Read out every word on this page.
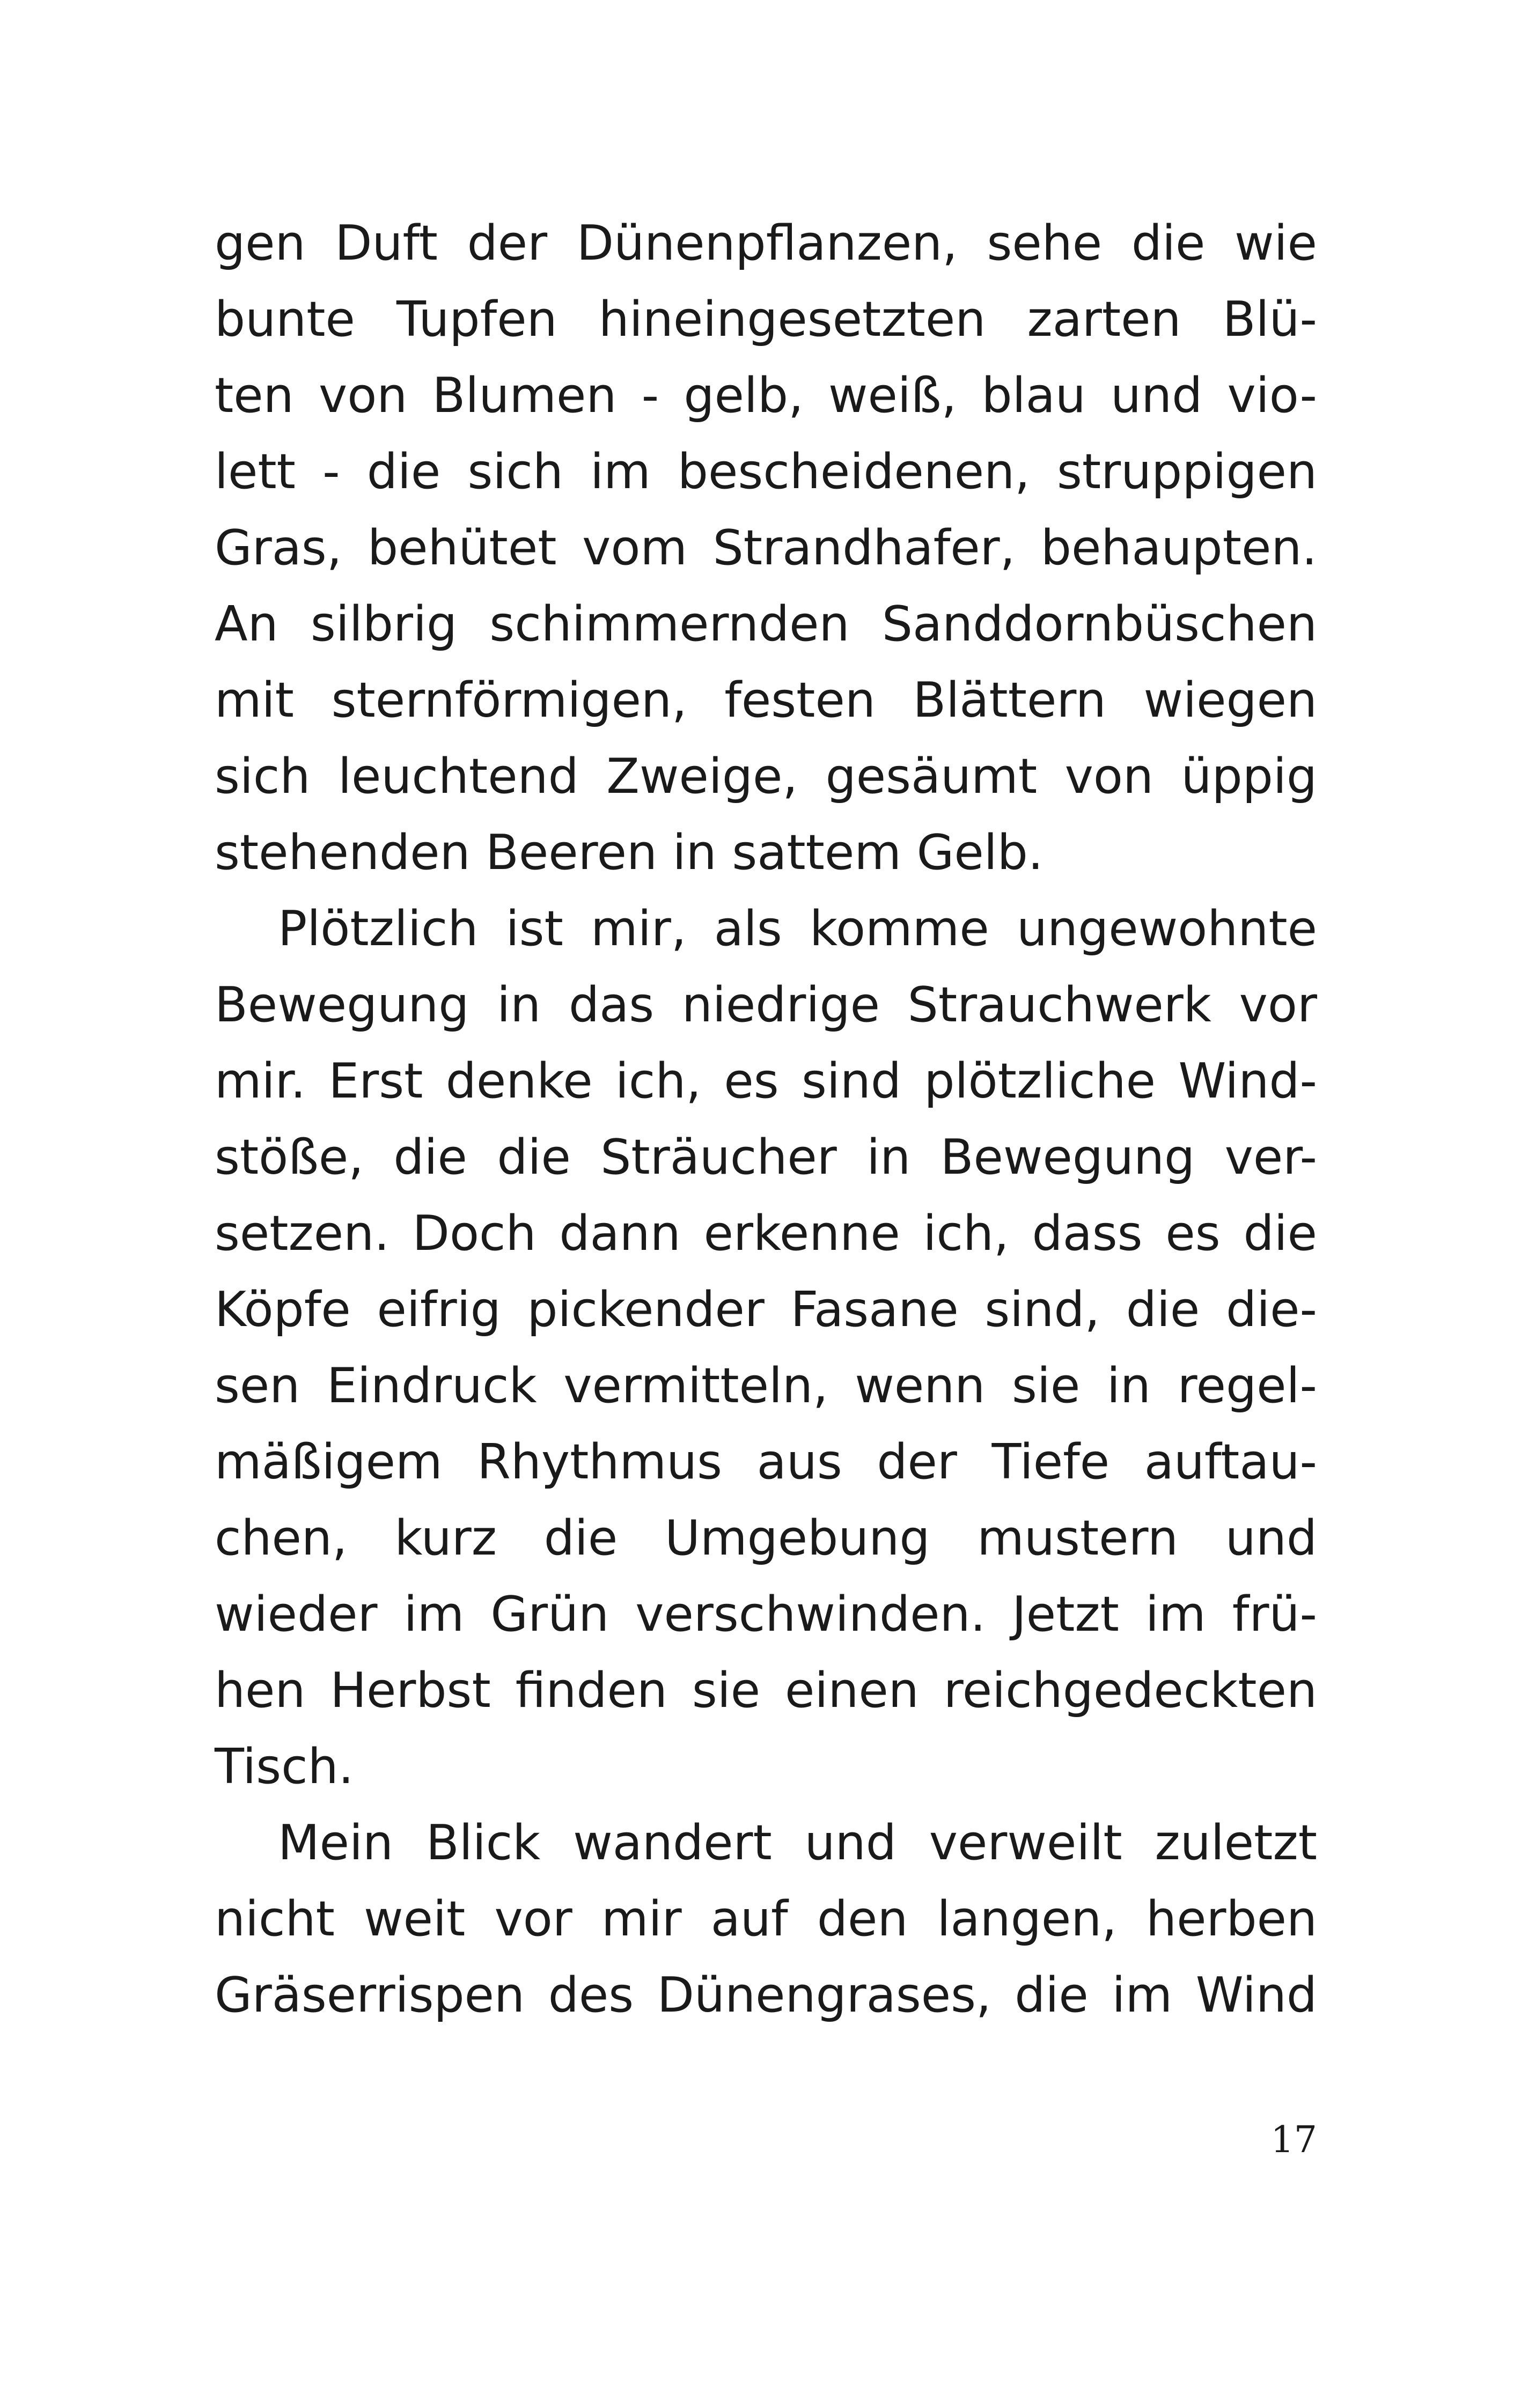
gen Duft der Dünenpflanzen, sehe die wie
bunte Tupfen hineingesetzten zarten Blü-
ten von Blumen - gelb, weiß, blau und vio-
lett - die sich im bescheidenen, struppigen
Gras, behütet vom Strandhafer, behaupten.
An silbrig schimmernden Sanddornbüschen
mit sternförmigen, festen Blättern wiegen
sich leuchtend Zweige, gesäumt von üppig
stehenden Beeren in sattem Gelb.
Plötzlich ist mir, als komme ungewohnte
Bewegung in das niedrige Strauchwerk vor
mir. Erst denke ich, es sind plötzliche Wind-
stöße, die die Sträucher in Bewegung ver-
setzen. Doch dann erkenne ich, dass es die
Köpfe eifrig pickender Fasane sind, die die-
sen Eindruck vermitteln, wenn sie in regel-
mäßigem Rhythmus aus der Tiefe auftau-
chen, kurz die Umgebung mustern und
wieder im Grün verschwinden. Jetzt im frü-
hen Herbst finden sie einen reichgedeckten
Tisch.
Mein Blick wandert und verweilt zuletzt
nicht weit vor mir auf den langen, herben
Gräserrispen des Dünengrases, die im Wind
17
